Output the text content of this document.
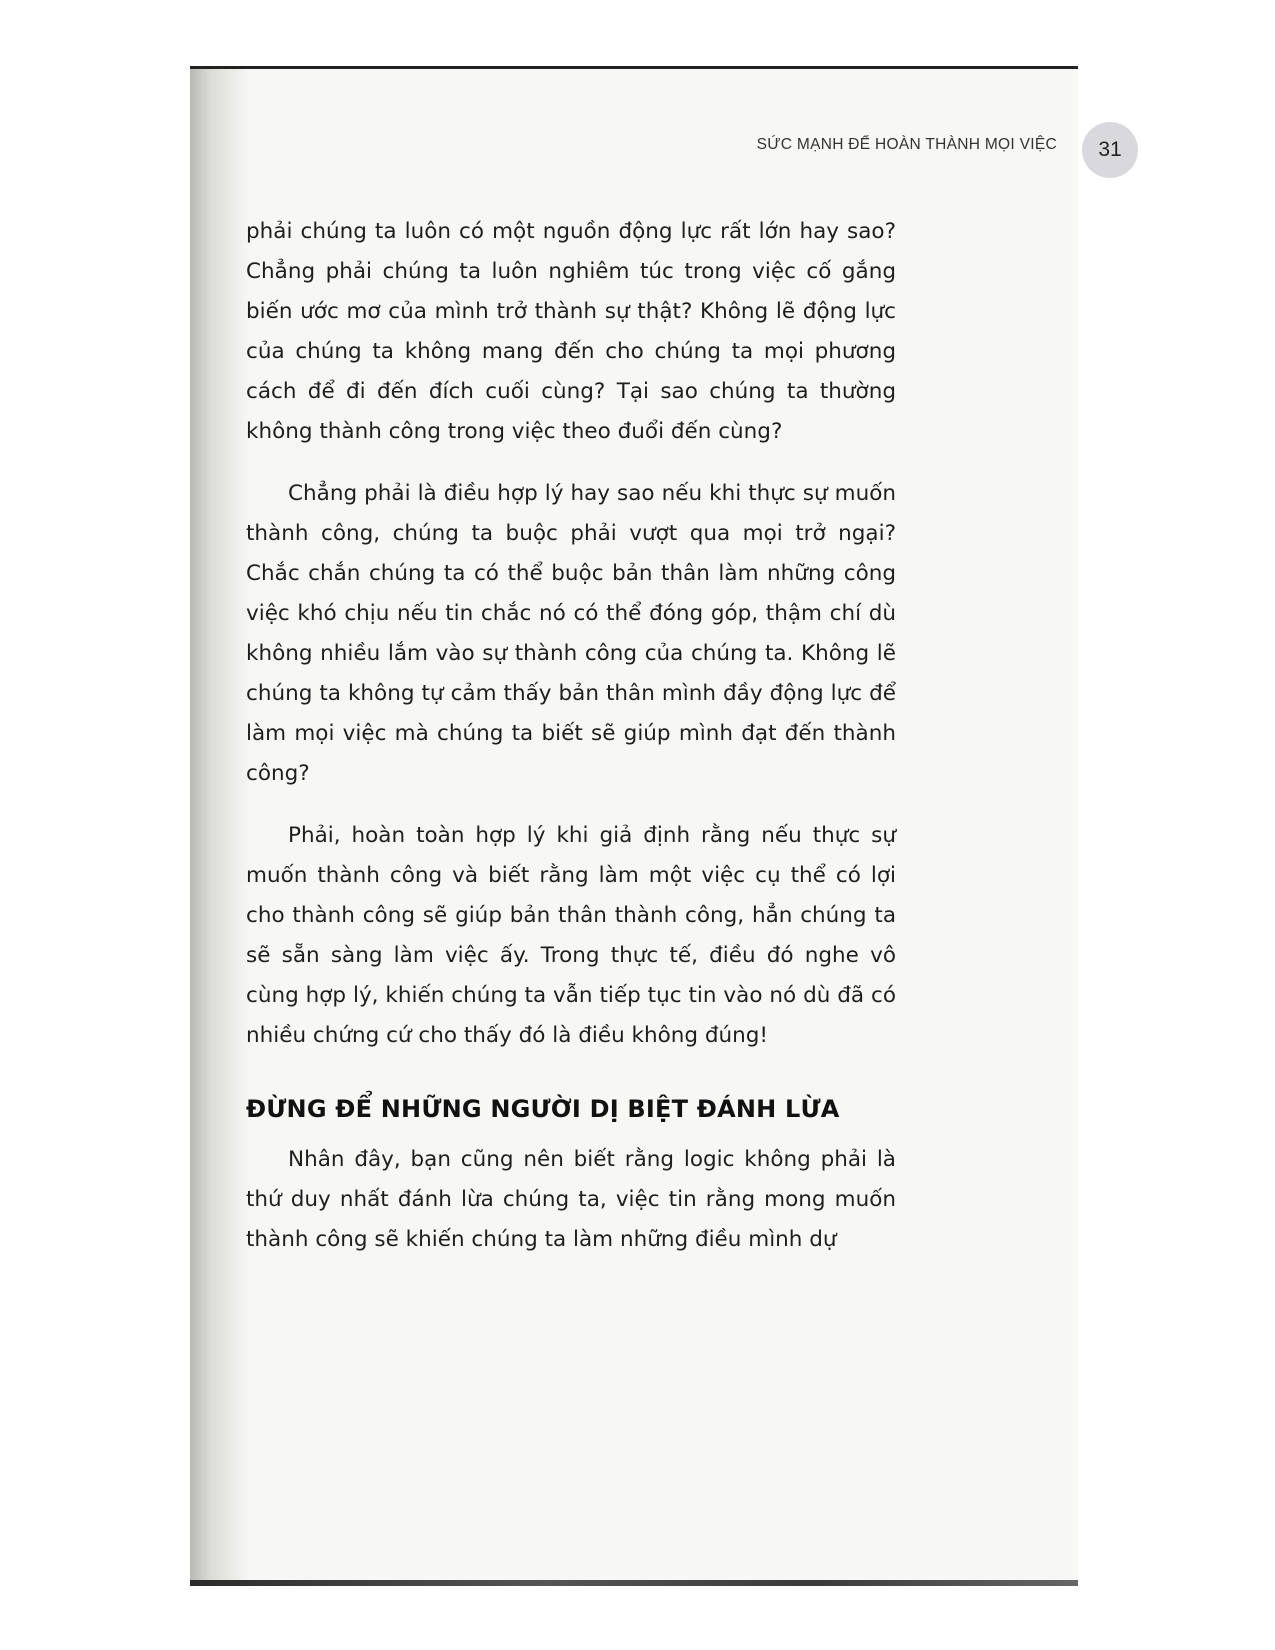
SỨC MẠNH ĐỂ HOÀN THÀNH MỌI VIỆC	31

phải chúng ta luôn có một nguồn động lực rất lớn hay sao? Chẳng phải chúng ta luôn nghiêm túc trong việc cố gắng biến ước mơ của mình trở thành sự thật? Không lẽ động lực của chúng ta không mang đến cho chúng ta mọi phương cách để đi đến đích cuối cùng? Tại sao chúng ta thường không thành công trong việc theo đuổi đến cùng?

Chẳng phải là điều hợp lý hay sao nếu khi thực sự muốn thành công, chúng ta buộc phải vượt qua mọi trở ngại? Chắc chắn chúng ta có thể buộc bản thân làm những công việc khó chịu nếu tin chắc nó có thể đóng góp, thậm chí dù không nhiều lắm vào sự thành công của chúng ta. Không lẽ chúng ta không tự cảm thấy bản thân mình đầy động lực để làm mọi việc mà chúng ta biết sẽ giúp mình đạt đến thành công?

Phải, hoàn toàn hợp lý khi giả định rằng nếu thực sự muốn thành công và biết rằng làm một việc cụ thể có lợi cho thành công sẽ giúp bản thân thành công, hẳn chúng ta sẽ sẵn sàng làm việc ấy. Trong thực tế, điều đó nghe vô cùng hợp lý, khiến chúng ta vẫn tiếp tục tin vào nó dù đã có nhiều chứng cứ cho thấy đó là điều không đúng!

ĐỪNG ĐỂ NHỮNG NGƯỜI DỊ BIỆT ĐÁNH LỪA

Nhân đây, bạn cũng nên biết rằng logic không phải là thứ duy nhất đánh lừa chúng ta, việc tin rằng mong muốn thành công sẽ khiến chúng ta làm những điều mình dự
